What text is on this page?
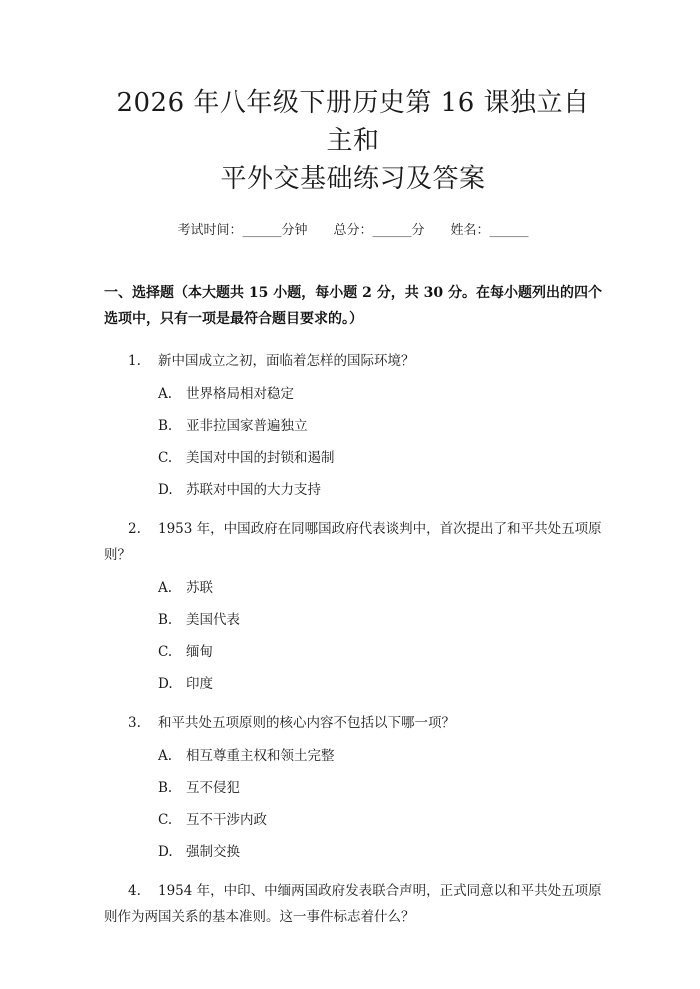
2026 年八年级下册历史第 16 课独立自主和
平外交基础练习及答案
考试时间：______分钟 总分：______分 姓名：______
一、选择题（本大题共 15 小题，每小题 2 分，共 30 分。在每小题列出的四个选项中，只有一项是最符合题目要求的。）
1. 新中国成立之初，面临着怎样的国际环境？
A. 世界格局相对稳定
B. 亚非拉国家普遍独立
C. 美国对中国的封锁和遏制
D. 苏联对中国的大力支持
2. 1953 年，中国政府在同哪国政府代表谈判中，首次提出了和平共处五项原则？
A. 苏联
B. 美国代表
C. 缅甸
D. 印度
3. 和平共处五项原则的核心内容不包括以下哪一项？
A. 相互尊重主权和领土完整
B. 互不侵犯
C. 互不干涉内政
D. 强制交换
4. 1954 年，中印、中缅两国政府发表联合声明，正式同意以和平共处五项原则作为两国关系的基本准则。这一事件标志着什么？
